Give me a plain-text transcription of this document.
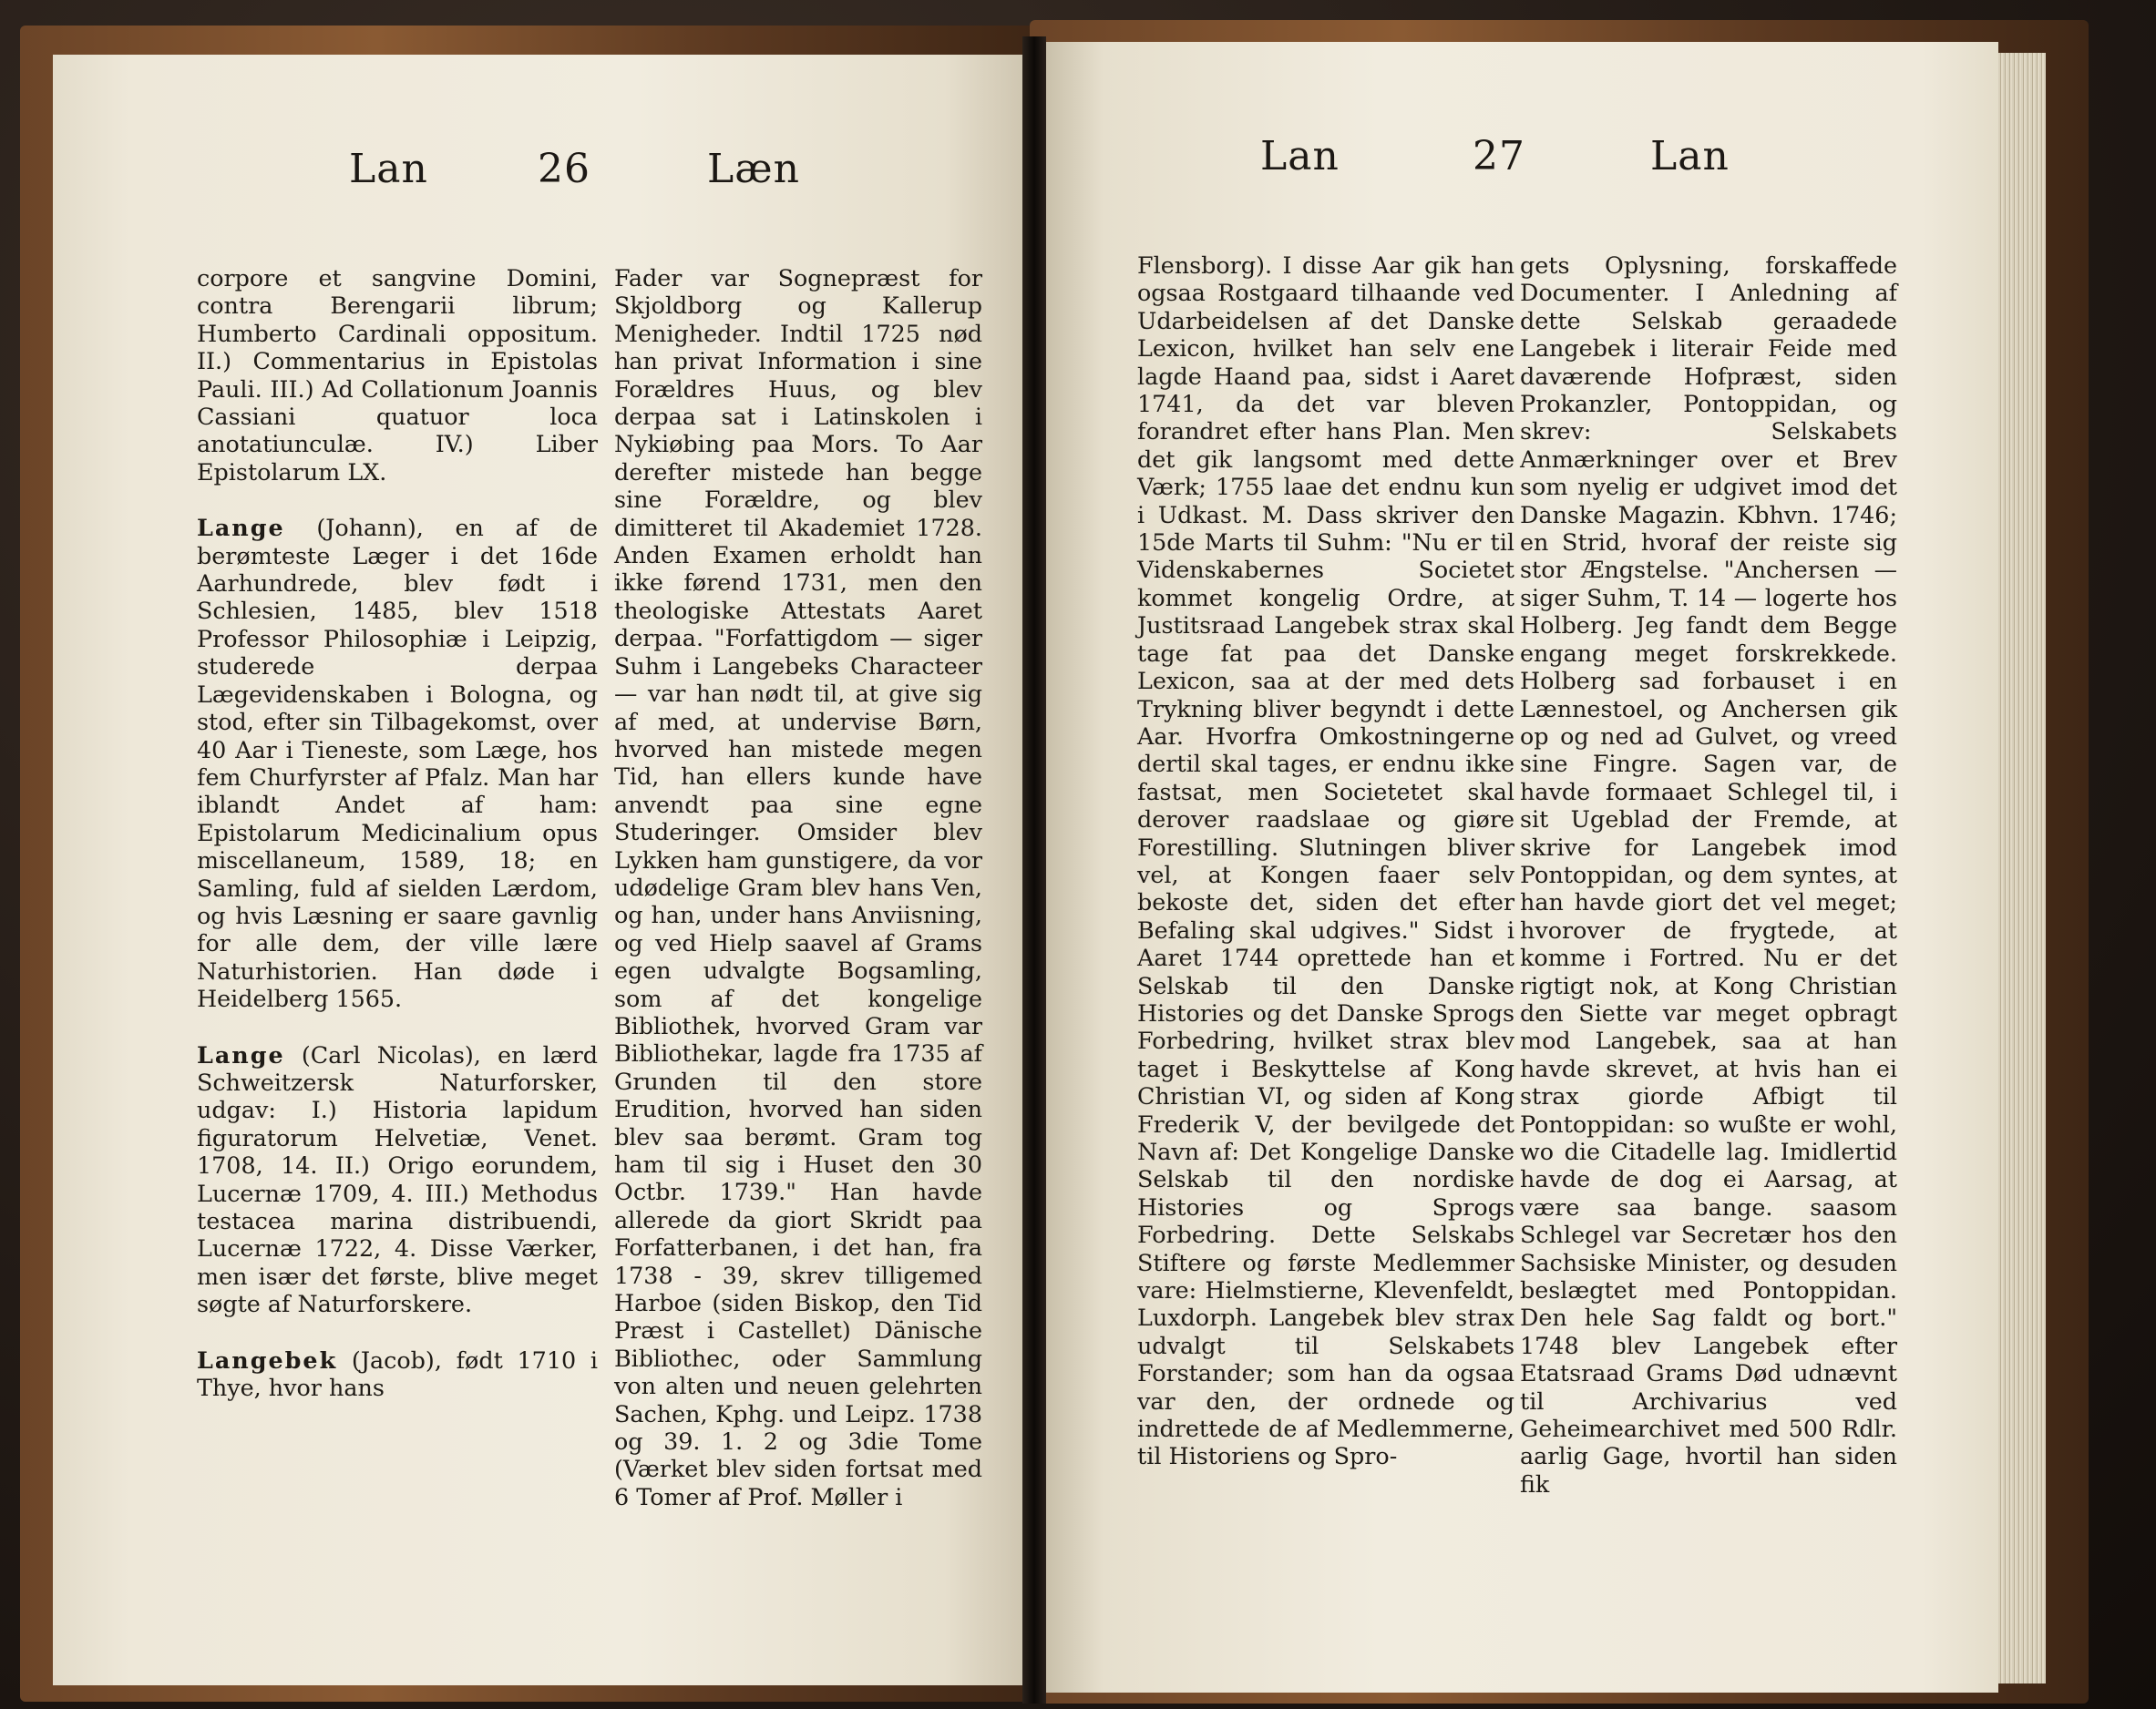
Lan	26	Læn

corpore et sangvine Domini, contra Berengarii librum; Humberto Cardinali oppositum. II.) Commentarius in Epistolas Pauli. III.) Ad Collationum Joannis Cassiani quatuor loca anotatiunculæ. IV.) Liber Epistolarum LX.

Lange (Johann), en af de berømteste Læger i det 16de Aarhundrede, blev født i Schlesien, 1485, blev 1518 Professor Philosophiæ i Leipzig, studerede derpaa Lægevidenskaben i Bologna, og stod, efter sin Tilbagekomst, over 40 Aar i Tieneste, som Læge, hos fem Churfyrster af Pfalz. Man har iblandt Andet af ham: Epistolarum Medicinalium opus miscellaneum, 1589, 18; en Samling, fuld af sielden Lærdom, og hvis Læsning er saare gavnlig for alle dem, der ville lære Naturhistorien. Han døde i Heidelberg 1565.

Lange (Carl Nicolas), en lærd Schweitzersk Naturforsker, udgav: I.) Historia lapidum figuratorum Helvetiæ, Venet. 1708, 14. II.) Origo eorundem, Lucernæ 1709, 4. III.) Methodus testacea marina distribuendi, Lucernæ 1722, 4. Disse Værker, men især det første, blive meget søgte af Naturforskere.

Langebek (Jacob), født 1710 i Thye, hvor hans

Fader var Sognepræst for Skjoldborg og Kallerup Menigheder. Indtil 1725 nød han privat Information i sine Forældres Huus, og blev derpaa sat i Latinskolen i Nykiøbing paa Mors. To Aar derefter mistede han begge sine Forældre, og blev dimitteret til Akademiet 1728. Anden Examen erholdt han ikke førend 1731, men den theologiske Attestats Aaret derpaa. "Forfattigdom — siger Suhm i Langebeks Characteer — var han nødt til, at give sig af med, at undervise Børn, hvorved han mistede megen Tid, han ellers kunde have anvendt paa sine egne Studeringer. Omsider blev Lykken ham gunstigere, da vor udødelige Gram blev hans Ven, og han, under hans Anviisning, og ved Hielp saavel af Grams egen udvalgte Bogsamling, som af det kongelige Bibliothek, hvorved Gram var Bibliothekar, lagde fra 1735 af Grunden til den store Erudition, hvorved han siden blev saa berømt. Gram tog ham til sig i Huset den 30 Octbr. 1739." Han havde allerede da giort Skridt paa Forfatterbanen, i det han, fra 1738 - 39, skrev tilligemed Harboe (siden Biskop, den Tid Præst i Castellet) Dänische Bibliothec, oder Sammlung von alten und neuen gelehrten Sachen, Kphg. und Leipz. 1738 og 39. 1. 2 og 3die Tome (Værket blev siden fortsat med 6 Tomer af Prof. Møller i

Lan	27	Lan

Flensborg). I disse Aar gik han ogsaa Rostgaard tilhaande ved Udarbeidelsen af det Danske Lexicon, hvilket han selv ene lagde Haand paa, sidst i Aaret 1741, da det var bleven forandret efter hans Plan. Men det gik langsomt med dette Værk; 1755 laae det endnu kun i Udkast. M. Dass skriver den 15de Marts til Suhm: "Nu er til Videnskabernes Societet kommet kongelig Ordre, at Justitsraad Langebek strax skal tage fat paa det Danske Lexicon, saa at der med dets Trykning bliver begyndt i dette Aar. Hvorfra Omkostningerne dertil skal tages, er endnu ikke fastsat, men Societetet skal derover raadslaae og giøre Forestilling. Slutningen bliver vel, at Kongen faaer selv bekoste det, siden det efter Befaling skal udgives." Sidst i Aaret 1744 oprettede han et Selskab til den Danske Histories og det Danske Sprogs Forbedring, hvilket strax blev taget i Beskyttelse af Kong Christian VI, og siden af Kong Frederik V, der bevilgede det Navn af: Det Kongelige Danske Selskab til den nordiske Histories og Sprogs Forbedring. Dette Selskabs Stiftere og første Medlemmer vare: Hielmstierne, Klevenfeldt, Luxdorph. Langebek blev strax udvalgt til Selskabets Forstander; som han da ogsaa var den, der ordnede og indrettede de af Medlemmerne, til Historiens og Spro-

gets Oplysning, forskaffede Documenter. I Anledning af dette Selskab geraadede Langebek i literair Feide med daværende Hofpræst, siden Prokanzler, Pontoppidan, og skrev: Selskabets Anmærkninger over et Brev som nyelig er udgivet imod det Danske Magazin. Kbhvn. 1746; en Strid, hvoraf der reiste sig stor Ængstelse. "Anchersen — siger Suhm, T. 14 — logerte hos Holberg. Jeg fandt dem Begge engang meget forskrekkede. Holberg sad forbauset i en Lænnestoel, og Anchersen gik op og ned ad Gulvet, og vreed sine Fingre. Sagen var, de havde formaaet Schlegel til, i sit Ugeblad der Fremde, at skrive for Langebek imod Pontoppidan, og dem syntes, at han havde giort det vel meget; hvorover de frygtede, at komme i Fortred. Nu er det rigtigt nok, at Kong Christian den Siette var meget opbragt mod Langebek, saa at han havde skrevet, at hvis han ei strax giorde Afbigt til Pontoppidan: so wußte er wohl, wo die Citadelle lag. Imidlertid havde de dog ei Aarsag, at være saa bange. saasom Schlegel var Secretær hos den Sachsiske Minister, og desuden beslægtet med Pontoppidan. Den hele Sag faldt og bort." 1748 blev Langebek efter Etatsraad Grams Død udnævnt til Archivarius ved Geheimearchivet med 500 Rdlr. aarlig Gage, hvortil han siden fik
